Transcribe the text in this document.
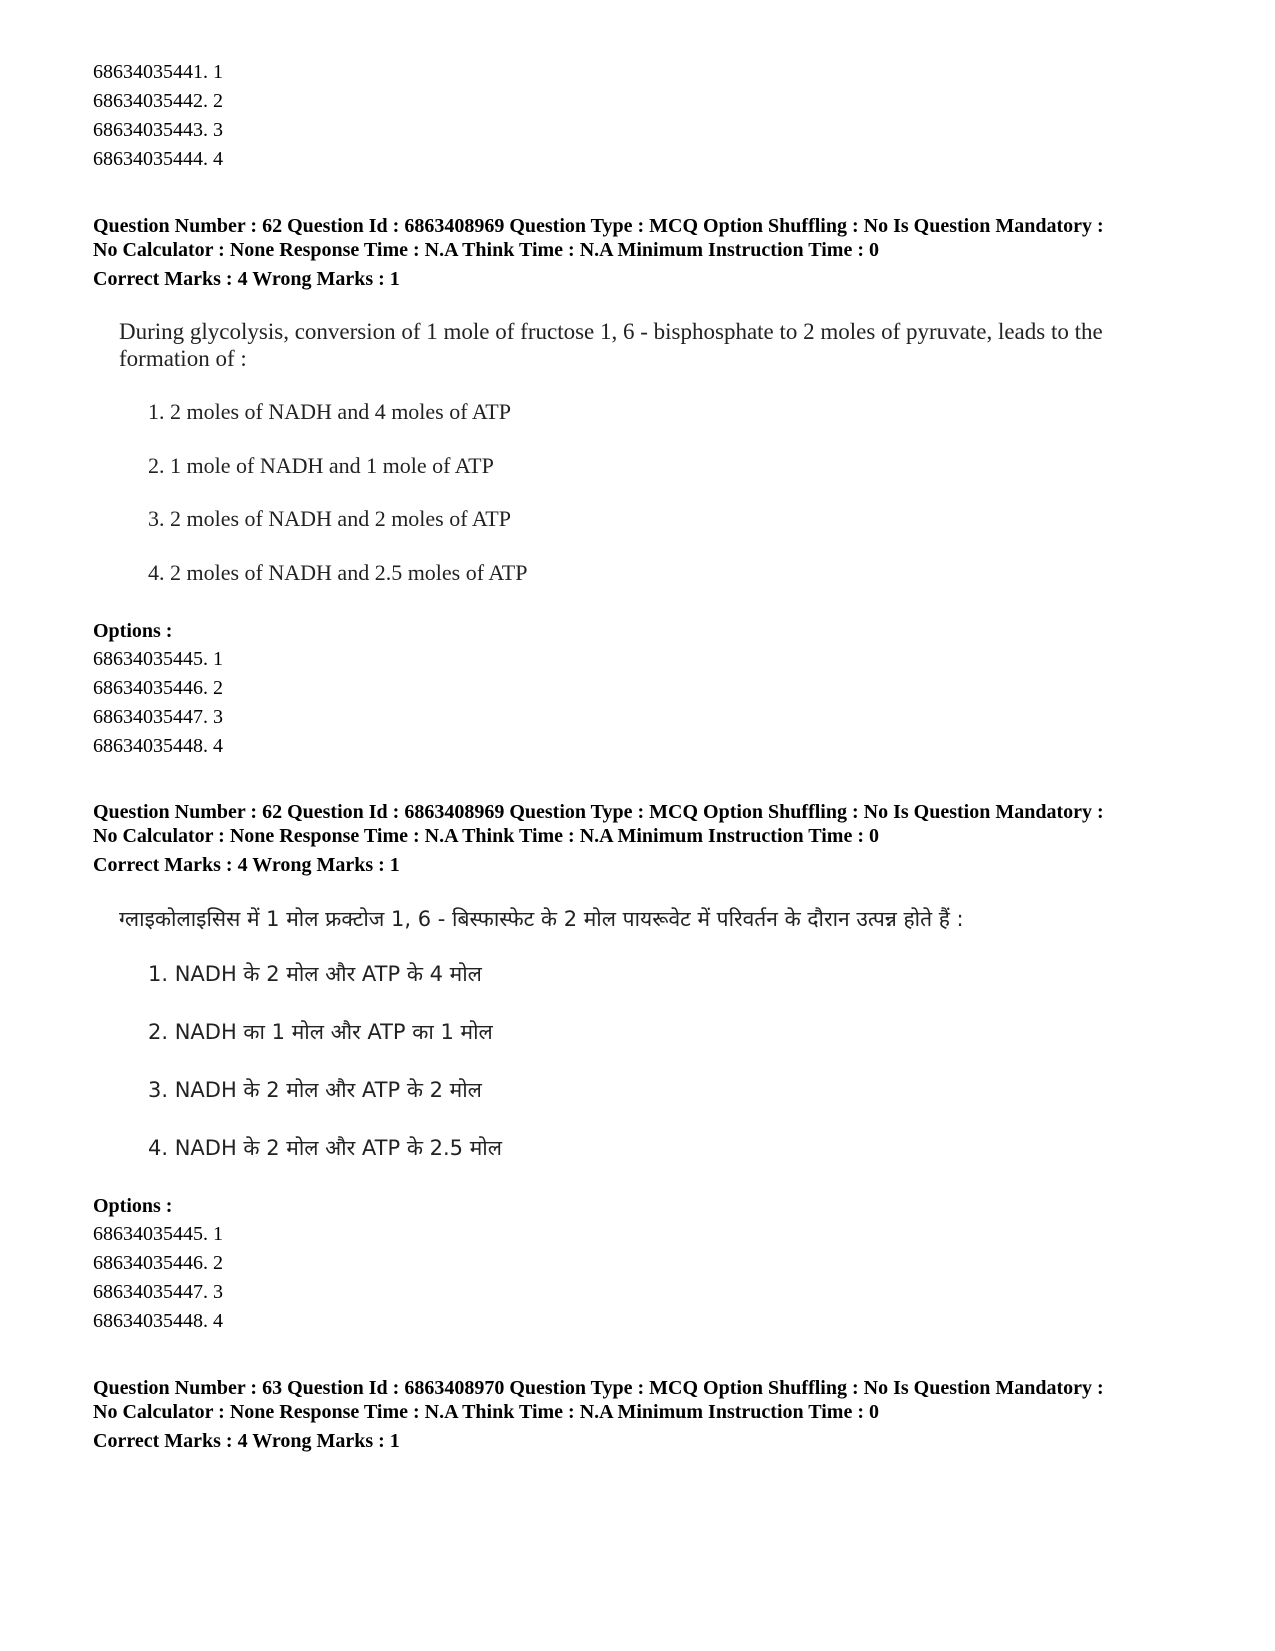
68634035441. 1
68634035442. 2
68634035443. 3
68634035444. 4
Question Number : 62 Question Id : 6863408969 Question Type : MCQ Option Shuffling : No Is Question Mandatory :
No Calculator : None Response Time : N.A Think Time : N.A Minimum Instruction Time : 0
Correct Marks : 4 Wrong Marks : 1
During glycolysis, conversion of 1 mole of fructose 1, 6 - bisphosphate to 2 moles of pyruvate, leads to the
formation of :
1. 2 moles of NADH and 4 moles of ATP
2. 1 mole of NADH and 1 mole of ATP
3. 2 moles of NADH and 2 moles of ATP
4. 2 moles of NADH and 2.5 moles of ATP
Options :
68634035445. 1
68634035446. 2
68634035447. 3
68634035448. 4
Question Number : 62 Question Id : 6863408969 Question Type : MCQ Option Shuffling : No Is Question Mandatory :
No Calculator : None Response Time : N.A Think Time : N.A Minimum Instruction Time : 0
Correct Marks : 4 Wrong Marks : 1
ग्लाइकोलाइसिस में 1 मोल फ्रक्टोज 1, 6 - बिस्फास्फेट के 2 मोल पायरूवेट में परिवर्तन के दौरान उत्पन्न होते हैं :
1. NADH के 2 मोल और ATP के 4 मोल
2. NADH का 1 मोल और ATP का 1 मोल
3. NADH के 2 मोल और ATP के 2 मोल
4. NADH के 2 मोल और ATP के 2.5 मोल
Options :
68634035445. 1
68634035446. 2
68634035447. 3
68634035448. 4
Question Number : 63 Question Id : 6863408970 Question Type : MCQ Option Shuffling : No Is Question Mandatory :
No Calculator : None Response Time : N.A Think Time : N.A Minimum Instruction Time : 0
Correct Marks : 4 Wrong Marks : 1
